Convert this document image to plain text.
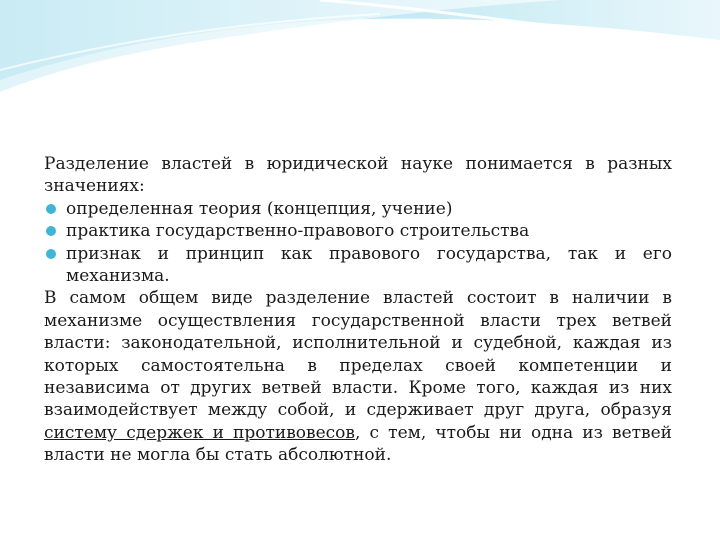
Разделение властей в юридической науке понимается в разных значениях:

определенная теория (концепция, учение)
практика государственно-правового строительства
признак и принцип как правового государства, так и его механизма.

В самом общем виде разделение властей состоит в наличии в механизме осуществления государственной власти трех ветвей власти: законодательной, исполнительной и судебной, каждая из которых самостоятельна в пределах своей компетенции и независима от других ветвей власти. Кроме того, каждая из них взаимодействует между собой, и сдерживает друг друга, образуя систему сдержек и противовесов, с тем, чтобы ни одна из ветвей власти не могла бы стать абсолютной.
